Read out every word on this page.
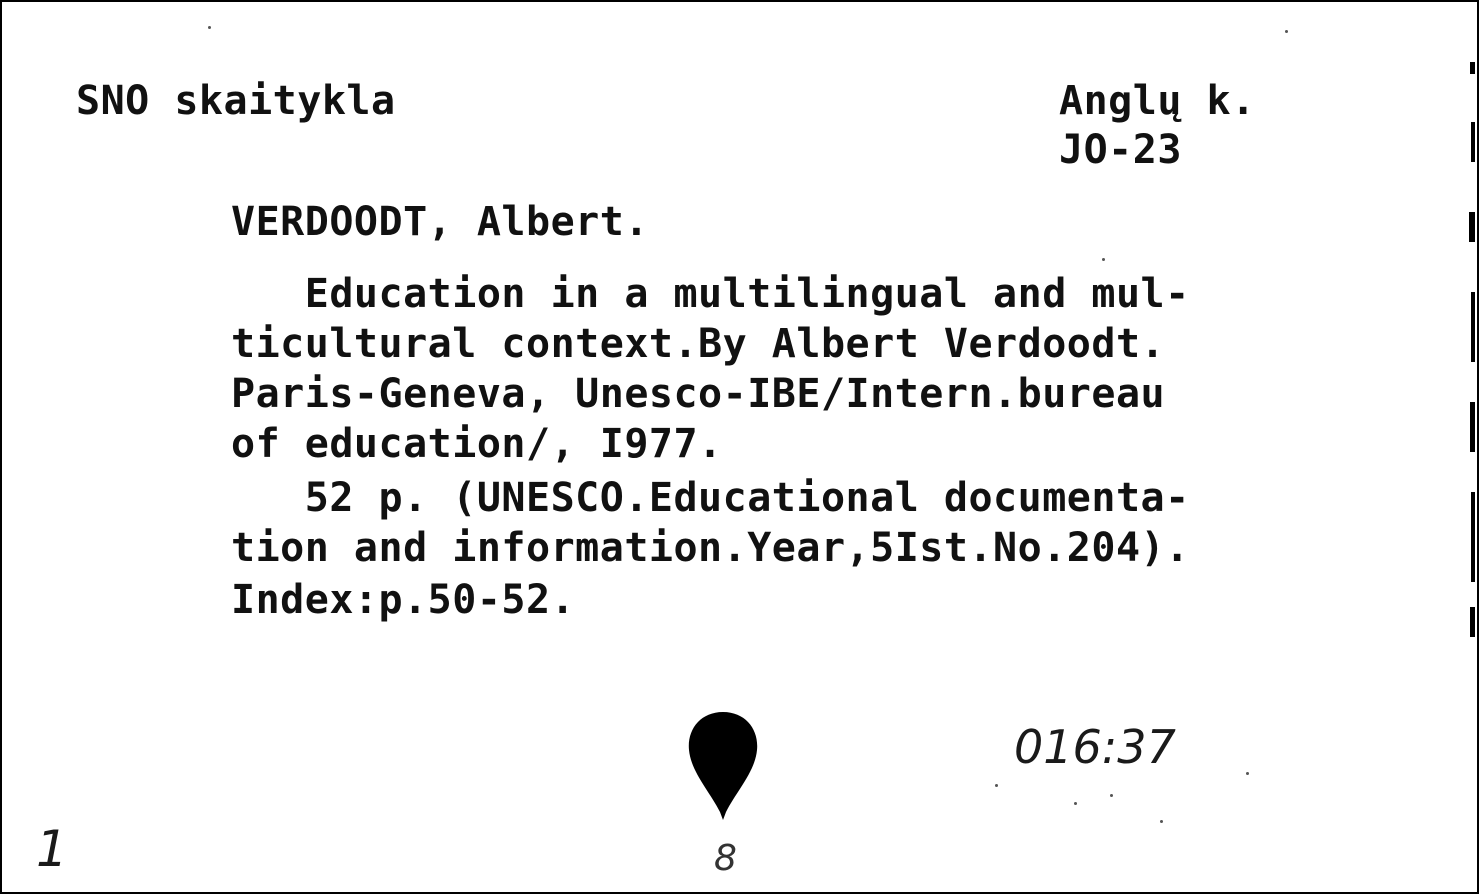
SNO skaitykla	Anglų k.
JO-23
VERDOODT, Albert.
Education in a multilingual and mul-
ticultural context.By Albert Verdoodt.
Paris-Geneva, Unesco-IBE/Intern.bureau
of education/, I977.
52 p. (UNESCO.Educational documenta-
tion and information.Year,5Ist.No.204).
Index:p.50-52.
016:37
1	8
